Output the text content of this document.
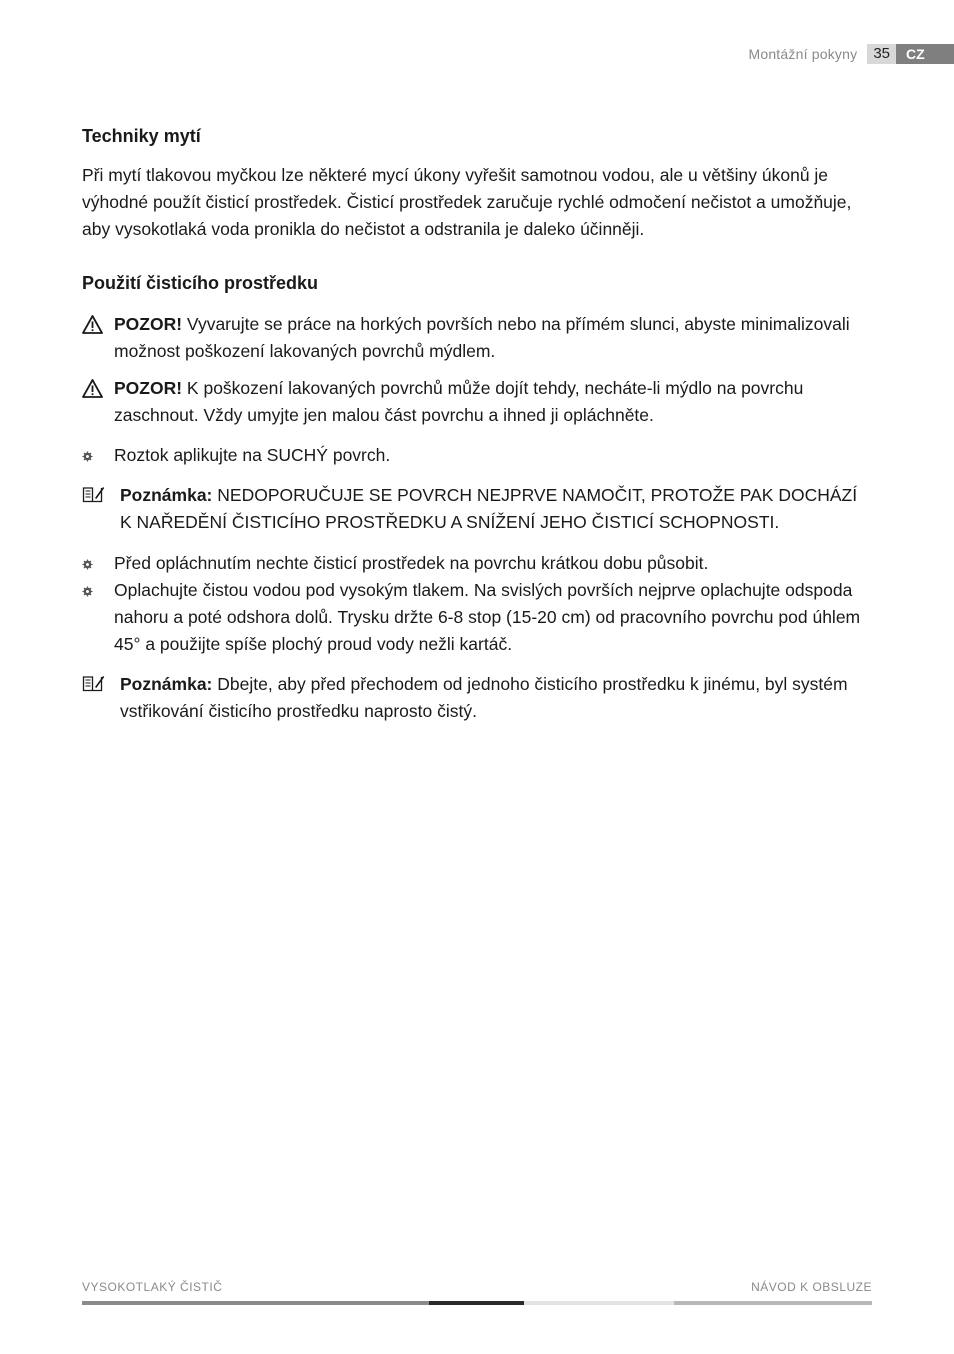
Montážní pokyny	35	CZ
Techniky mytí

Při mytí tlakovou myčkou lze některé mycí úkony vyřešit samotnou vodou, ale u většiny úkonů je výhodné použít čisticí prostředek. Čisticí prostředek zaručuje rychlé odmočení nečistot a umožňuje, aby vysokotlaká voda pronikla do nečistot a odstranila je daleko účinněji.

Použití čisticího prostředku
POZOR! Vyvarujte se práce na horkých površích nebo na přímém slunci, abyste minimalizovali možnost poškození lakovaných povrchů mýdlem.
POZOR! K poškození lakovaných povrchů může dojít tehdy, necháte-li mýdlo na povrchu zaschnout. Vždy umyjte jen malou část povrchu a ihned ji opláchněte.
Roztok aplikujte na SUCHÝ povrch.
Poznámka: NEDOPORUČUJE SE POVRCH NEJPRVE NAMOČIT, PROTOŽE PAK DOCHÁZÍ K NAŘEDĚNÍ ČISTICÍHO PROSTŘEDKU A SNÍŽENÍ JEHO ČISTICÍ SCHOPNOSTI.
Před opláchnutím nechte čisticí prostředek na povrchu krátkou dobu působit.
Oplachujte čistou vodou pod vysokým tlakem. Na svislých površích nejprve oplachujte odspoda nahoru a poté odshora dolů. Trysku držte 6-8 stop (15-20 cm) od pracovního povrchu pod úhlem 45° a použijte spíše plochý proud vody nežli kartáč.
Poznámka: Dbejte, aby před přechodem od jednoho čisticího prostředku k jinému, byl systém vstřikování čisticího prostředku naprosto čistý.
VYSOKOTLAKÝ ČISTIČ	NÁVOD K OBSLUZE
